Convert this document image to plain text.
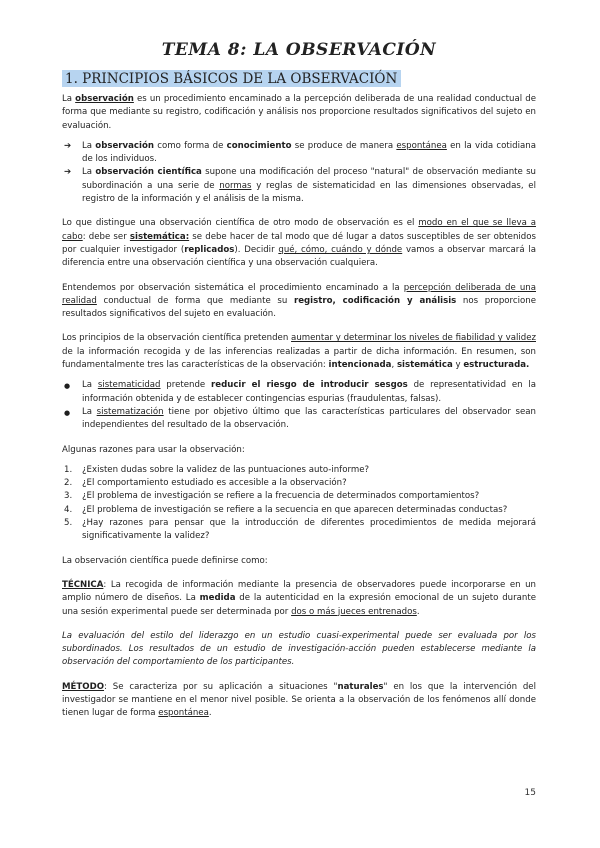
TEMA 8: LA OBSERVACIÓN
1. PRINCIPIOS BÁSICOS DE LA OBSERVACIÓN

La observación es un procedimiento encaminado a la percepción deliberada de una realidad conductual de forma que mediante su registro, codificación y análisis nos proporcione resultados significativos del sujeto en evaluación.

➔ La observación como forma de conocimiento se produce de manera espontánea en la vida cotidiana de los individuos.
➔ La observación científica supone una modificación del proceso "natural" de observación mediante su subordinación a una serie de normas y reglas de sistematicidad en las dimensiones observadas, el registro de la información y el análisis de la misma.

Lo que distingue una observación científica de otro modo de observación es el modo en el que se lleva a cabo: debe ser sistemática: se debe hacer de tal modo que dé lugar a datos susceptibles de ser obtenidos por cualquier investigador (replicados). Decidir qué, cómo, cuándo y dónde vamos a observar marcará la diferencia entre una observación científica y una observación cualquiera.

Entendemos por observación sistemática el procedimiento encaminado a la percepción deliberada de una realidad conductual de forma que mediante su registro, codificación y análisis nos proporcione resultados significativos del sujeto en evaluación.

Los principios de la observación científica pretenden aumentar y determinar los niveles de fiabilidad y validez de la información recogida y de las inferencias realizadas a partir de dicha información. En resumen, son fundamentalmente tres las características de la observación: intencionada, sistemática y estructurada.

● La sistematicidad pretende reducir el riesgo de introducir sesgos de representatividad en la información obtenida y de establecer contingencias espurias (fraudulentas, falsas).
● La sistematización tiene por objetivo último que las características particulares del observador sean independientes del resultado de la observación.

Algunas razones para usar la observación:

1. ¿Existen dudas sobre la validez de las puntuaciones auto-informe?
2. ¿El comportamiento estudiado es accesible a la observación?
3. ¿El problema de investigación se refiere a la frecuencia de determinados comportamientos?
4. ¿El problema de investigación se refiere a la secuencia en que aparecen determinadas conductas?
5. ¿Hay razones para pensar que la introducción de diferentes procedimientos de medida mejorará significativamente la validez?

La observación científica puede definirse como:

TÉCNICA: La recogida de información mediante la presencia de observadores puede incorporarse en un amplio número de diseños. La medida de la autenticidad en la expresión emocional de un sujeto durante una sesión experimental puede ser determinada por dos o más jueces entrenados.

La evaluación del estilo del liderazgo en un estudio cuasi-experimental puede ser evaluada por los subordinados. Los resultados de un estudio de investigación-acción pueden establecerse mediante la observación del comportamiento de los participantes.

MÉTODO: Se caracteriza por su aplicación a situaciones "naturales" en los que la intervención del investigador se mantiene en el menor nivel posible. Se orienta a la observación de los fenómenos allí donde tienen lugar de forma espontánea.

15
